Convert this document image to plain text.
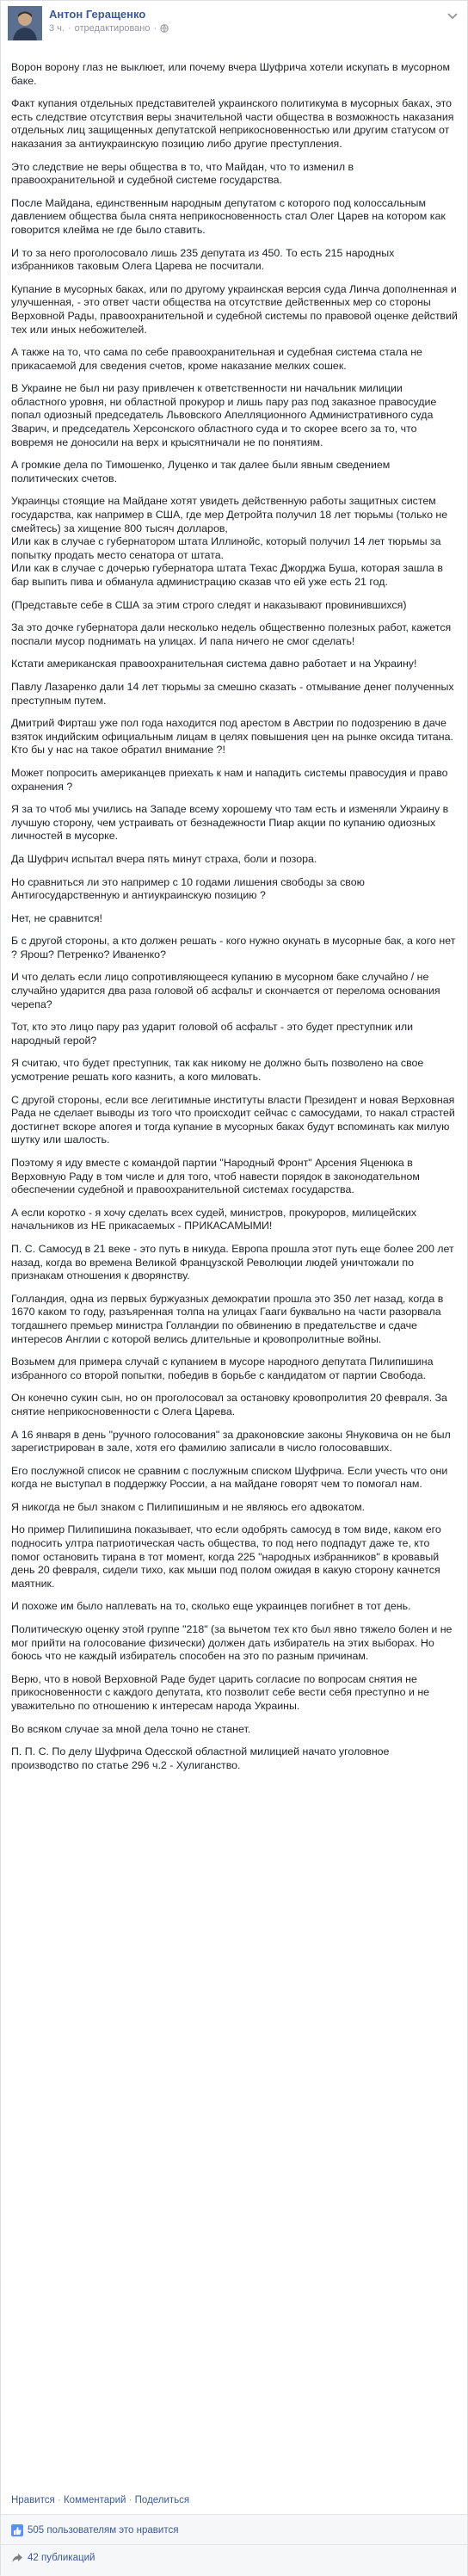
Антон Геращенко
3 ч. · отредактировано ·

Ворон ворону глаз не выклюет, или почему вчера Шуфрича хотели искупать в мусорном баке.

Факт купания отдельных представителей украинского политикума в мусорных баках, это есть следствие отсутствия веры значительной части общества в возможность наказания отдельных лиц защищенных депутатской неприкосновенностью или другим статусом от наказания за антиукраинскую позицию либо другие преступления.

Это следствие не веры общества в то, что Майдан, что то изменил в правоохранительной и судебной системе государства.

После Майдана, единственным народным депутатом с которого под колоссальным давлением общества была снята неприкосновенность стал Олег Царев на котором как говорится клейма не где было ставить.

И то за него проголосовало лишь 235 депутата из 450. То есть 215 народных избранников таковым Олега Царева не посчитали.

Купание в мусорных баках, или по другому украинская версия суда Линча дополненная и улучшенная, - это ответ части общества на отсутствие действенных мер со стороны Верховной Рады, правоохранительной и судебной системы по правовой оценке действий тех или иных небожителей.

А также на то, что сама по себе правоохранительная и судебная система стала не прикасаемой для сведения счетов, кроме наказание мелких сошек.

В Украине не был ни разу привлечен к ответственности ни начальник милиции областного уровня, ни областной прокурор и лишь пару раз под заказное правосудие попал одиозный председатель Львовского Апелляционного Административного суда Зварич, и председатель Херсонского областного суда и то скорее всего за то, что вовремя не доносили на верх и крысятничали не по понятиям.

А громкие дела по Тимошенко, Луценко и так далее были явным сведением политических счетов.

Украинцы стоящие на Майдане хотят увидеть действенную работы защитных систем государства, как например в США, где мер Детройта получил 18 лет тюрьмы (только не смейтесь) за хищение 800 тысяч долларов,
Или как в случае с губернатором штата Иллинойс, который получил 14 лет тюрьмы за попытку продать место сенатора от штата.
Или как в случае с дочерью губернатора штата Техас Джорджа Буша, которая зашла в бар выпить пива и обманула администрацию сказав что ей уже есть 21 год.

(Представьте себе в США за этим строго следят и наказывают провинившихся)

За это дочке губернатора дали несколько недель общественно полезных работ, кажется поспали мусор поднимать на улицах. И папа ничего не смог сделать!

Кстати американская правоохранительная система давно работает и на Украину!

Павлу Лазаренко дали 14 лет тюрьмы за смешно сказать - отмывание денег полученных преступным путем.

Дмитрий Фирташ уже пол года находится под арестом в Австрии по подозрению в даче взяток индийским официальным лицам в целях повышения цен на рынке оксида титана. Кто бы у нас на такое обратил внимание ?!

Может попросить американцев приехать к нам и нападить системы правосудия и право охранения ?

Я за то чтоб мы учились на Западе всему хорошему что там есть и изменяли Украину в лучшую сторону, чем устраивать от безнадежности Пиар акции по купанию одиозных личностей в мусорке.

Да Шуфрич испытал вчера пять минут страха, боли и позора.

Но сравниться ли это например с 10 годами лишения свободы за свою Антигосударственную и антиукраинскую позицию ?

Нет, не сравнится!

Б с другой стороны, а кто должен решать - кого нужно окунать в мусорные бак, а кого нет ? Ярош? Петренко? Иваненко?

И что делать если лицо сопротивляющееся купанию в мусорном баке случайно / не случайно ударится два раза головой об асфальт и скончается от перелома основания черепа?

Тот, кто это лицо пару раз ударит головой об асфальт - это будет преступник или народный герой?

Я считаю, что будет преступник, так как никому не должно быть позволено на свое усмотрение решать кого казнить, а кого миловать.

С другой стороны, если все легитимные институты власти Президент и новая Верховная Рада не сделает выводы из того что происходит сейчас с самосудами, то накал страстей достигнет вскоре апогея и тогда купание в мусорных баках будут вспоминать как милую шутку или шалость.

Поэтому я иду вместе с командой партии "Народный Фронт" Арсения Яценюка в Верховную Раду в том числе и для того, чтоб навести порядок в законодательном обеспечении судебной и правоохранительной системах государства.

А если коротко - я хочу сделать всех судей, министров, прокуроров, милицейских начальников из НЕ прикасаемых - ПРИКАСАМЫМИ!

П. С. Самосуд в 21 веке - это путь в никуда. Европа прошла этот путь еще более 200 лет назад, когда во времена Великой Французской Революции людей уничтожали по признакам отношения к дворянству.

Голландия, одна из первых буржуазных демократии прошла это 350 лет назад, когда в 1670 каком то году, разъяренная толпа на улицах Гааги буквально на части разорвала тогдашнего премьер министра Голландии по обвинению в предательстве и сдаче интересов Англии с которой велись длительные и кровопролитные войны.

Возьмем для примера случай с купанием в мусоре народного депутата Пилипишина избранного со второй попытки, победив в борьбе с кандидатом от партии Свобода.

Он конечно сукин сын, но он проголосовал за остановку кровопролития 20 февраля. За снятие неприкосновенности с Олега Царева.

А 16 января в день "ручного голосования" за драконовские законы Януковича он не был зарегистрирован в зале, хотя его фамилию записали в число голосовавших.

Его послужной список не сравним с послужным списком Шуфрича. Если учесть что они когда не выступал в поддержку России, а на майдане говорят чем то помогал нам.

Я никогда не был знаком с Пилипишиным и не являюсь его адвокатом.

Но пример Пилипишина показывает, что если одобрять самосуд в том виде, каком его подносить ултра патриотическая часть общества, то под него подпадут даже те, кто помог остановить тирана в тот момент, когда 225 "народных избранников" в кровавый день 20 февраля, сидели тихо, как мыши под полом ожидая в какую сторону качнется маятник.

И похоже им было наплевать на то, сколько еще украинцев погибнет в тот день.

Политическую оценку этой группе "218" (за вычетом тех кто был явно тяжело болен и не мог прийти на голосование физически) должен дать избиратель на этих выборах. Но боюсь что не каждый избиратель способен на это по разным причинам.

Верю, что в новой Верховной Раде будет царить согласие по вопросам снятия не прикосновенности с каждого депутата, кто позволит себе вести себя преступно и не уважительно по отношению к интересам народа Украины.

Во всяком случае за мной дела точно не станет.

П. П. С. По делу Шуфрича Одесской областной милицией начато уголовное производство по статье 296 ч.2 - Хулиганство.

Нравится · Комментарий · Поделиться
505 пользователям это нравится
42 публикаций
